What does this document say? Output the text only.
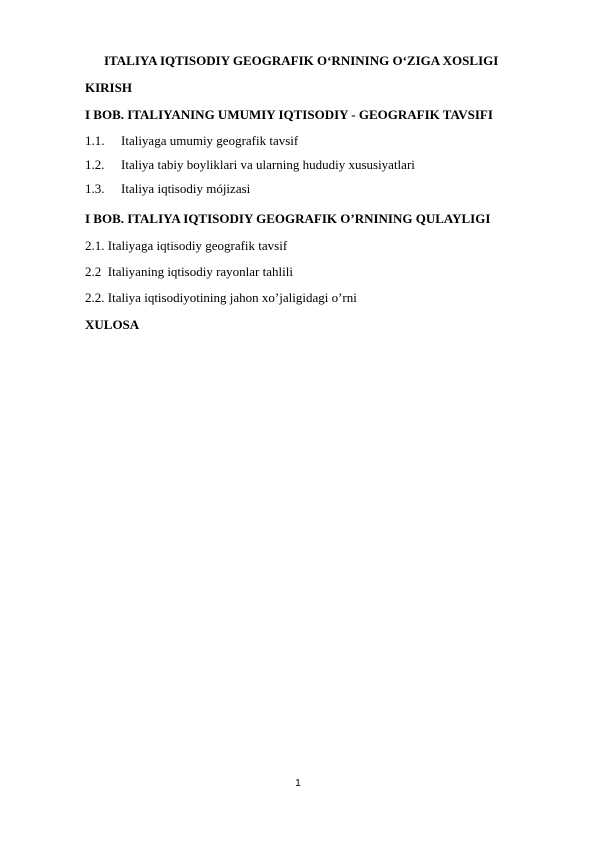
ITALIYA IQTISODIY GEOGRAFIK O‘RNINING O‘ZIGA XOSLIGI
KIRISH
I BOB. ITALIYANING UMUMIY IQTISODIY - GEOGRAFIK TAVSIFI
1.1. Italiyaga umumiy geografik tavsif
1.2. Italiya tabiy boyliklari va ularning hududiy xususiyatlari
1.3. Italiya iqtisodiy mójizasi
I BOB. ITALIYA IQTISODIY GEOGRAFIK O’RNINING QULAYLIGI
2.1. Italiyaga iqtisodiy geografik tavsif
2.2  Italiyaning iqtisodiy rayonlar tahlili
2.2. Italiya iqtisodiyotining jahon xo’jaligidagi o’rni
XULOSA
1
